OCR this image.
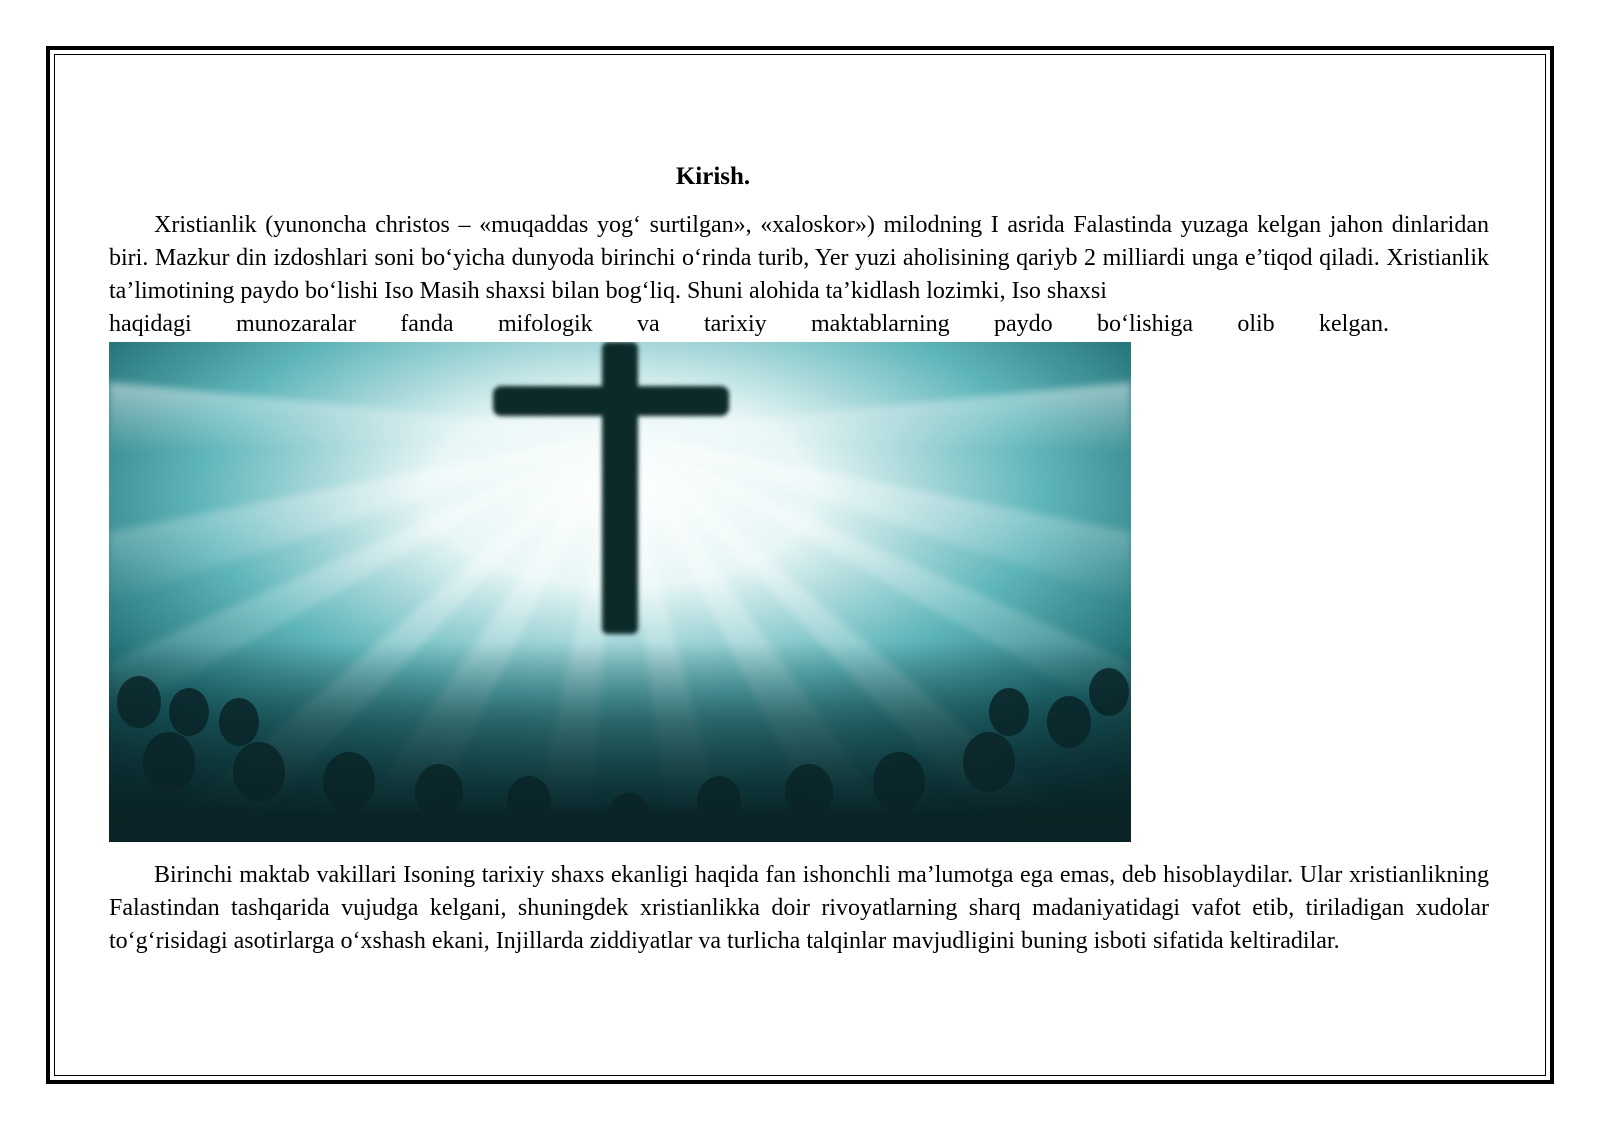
Kirish.
Xristianlik (yunoncha christos – «muqaddas yog‘ surtilgan», «xaloskor») milodning I asrida Falastinda yuzaga kelgan jahon dinlaridan biri. Mazkur din izdoshlari soni bo‘yicha dunyoda birinchi o‘rinda turib, Yer yuzi aholisining qariyb 2 milliardi unga e’tiqod qiladi. Xristianlik ta’limotining paydo bo‘lishi Iso Masih shaxsi bilan bog‘liq. Shuni alohida ta’kidlash lozimki, Iso shaxsi
haqidagi munozaralar fanda mifologik va tarixiy maktablarning paydo bo‘lishiga olib kelgan.
Birinchi maktab vakillari Isoning tarixiy shaxs ekanligi haqida fan ishonchli ma’lumotga ega emas, deb hisoblaydilar. Ular xristianlikning Falastindan tashqarida vujudga kelgani, shuningdek xristianlikka doir rivoyatlarning sharq madaniyatidagi vafot etib, tiriladigan xudolar to‘g‘risidagi asotirlarga o‘xshash ekani, Injillarda ziddiyatlar va turlicha talqinlar mavjudligini buning isboti sifatida keltiradilar.
